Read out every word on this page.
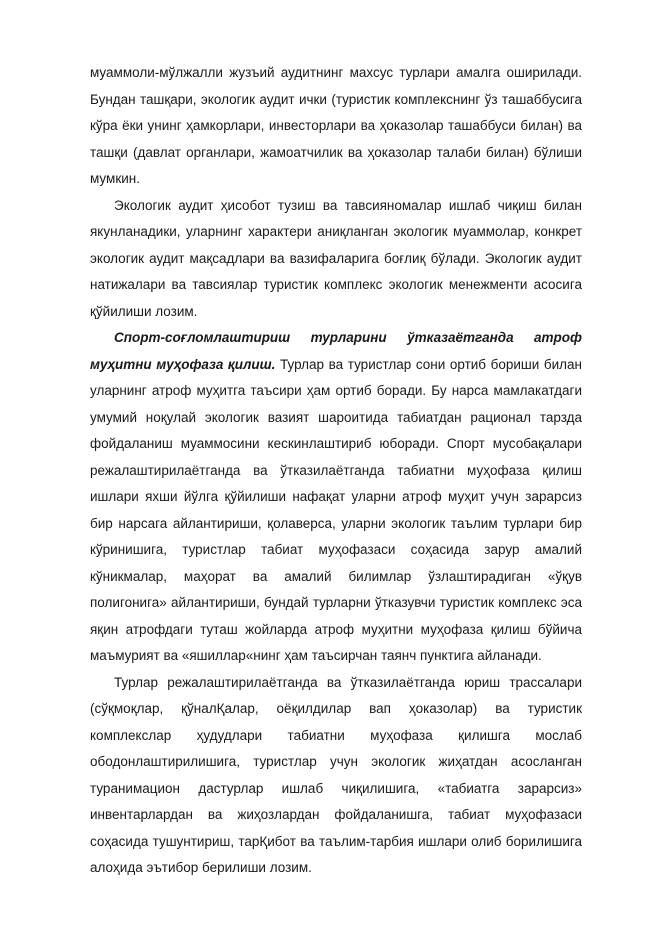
муаммоли-мўлжалли жузъий аудитнинг махсус турлари амалга оширилади. Бундан ташқари, экологик аудит ички (туристик комплекснинг ўз ташаббусига кўра ёки унинг ҳамкорлари, инвесторлари ва ҳоказолар ташаббуси билан) ва ташқи (давлат органлари, жамоатчилик ва ҳоказолар талаби билан) бўлиши мумкин.

Экологик аудит ҳисобот тузиш ва тавсияномалар ишлаб чиқиш билан якунланадики, уларнинг характери аниқланган экологик муаммолар, конкрет экологик аудит мақсадлари ва вазифаларига боғлиқ бўлади. Экологик аудит натижалари ва тавсиялар туристик комплекс экологик менежменти асосига қўйилиши лозим.

Спорт-соғломлаштириш турларини ўтказаётганда атроф муҳитни муҳофаза қилиш. Турлар ва туристлар сони ортиб бориши билан уларнинг атроф муҳитга таъсири ҳам ортиб боради. Бу нарса мамлакатдаги умумий ноқулай экологик вазият шароитида табиатдан рационал тарзда фойдаланиш муаммосини кескинлаштириб юборади. Спорт мусобақалари режалаштирилаётганда ва ўтказилаётганда табиатни муҳофаза қилиш ишлари яхши йўлга қўйилиши нафақат уларни атроф муҳит учун зарарсиз бир нарсага айлантириши, қолаверса, уларни экологик таълим турлари бир кўринишига, туристлар табиат муҳофазаси соҳасида зарур амалий кўникмалар, маҳорат ва амалий билимлар ўзлаштирадиган «ўқув полигонига» айлантириши, бундай турларни ўтказувчи туристик комплекс эса яқин атрофдаги туташ жойларда атроф муҳитни муҳофаза қилиш бўйича маъмурият ва «яшиллар«нинг ҳам таъсирчан таянч пунктига айланади.

Турлар режалаштирилаётганда ва ўтказилаётганда юриш трассалари (сўқмоқлар, қўналҚалар, оёқилдилар вап ҳоказолар) ва туристик комплекслар ҳудудлари табиатни муҳофаза қилишга мослаб ободонлаштирилишига, туристлар учун экологик жиҳатдан асосланган туранимацион дастурлар ишлаб чиқилишига, «табиатга зарарсиз» инвентарлардан ва жиҳозлардан фойдаланишга, табиат муҳофазаси соҳасида тушунтириш, тарҚибот ва таълим-тарбия ишлари олиб борилишига алоҳида эътибор берилиши лозим.
